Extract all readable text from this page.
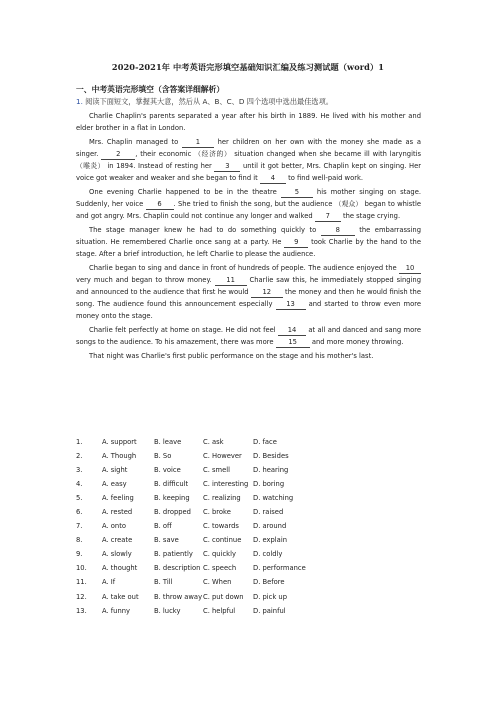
2020-2021年 中考英语完形填空基础知识汇编及练习测试题（word）1
一、中考英语完形填空（含答案详细解析）
1. 阅读下面短文，掌握其大意，然后从 A、B、C、D 四个选项中选出最佳选项。

Charlie Chaplin's parents separated a year after his birth in 1889. He lived with his mother and elder brother in a flat in London.

Mrs. Chaplin managed to 1 her children on her own with the money she made as a singer. 2 , their economic （经济的） situation changed when she became ill with laryngitis（喉炎） in 1894. Instead of resting her 3 until it got better, Mrs. Chaplin kept on singing. Her voice got weaker and weaker and she began to find it 4 to find well-paid work.

One evening Charlie happened to be in the theatre 5 his mother singing on stage. Suddenly, her voice 6 . She tried to finish the song, but the audience （观众） began to whistle and got angry. Mrs. Chaplin could not continue any longer and walked 7 the stage crying.

The stage manager knew he had to do something quickly to 8 the embarrassing situation. He remembered Charlie once sang at a party. He 9 took Charlie by the hand to the stage. After a brief introduction, he left Charlie to please the audience.

Charlie began to sing and dance in front of hundreds of people. The audience enjoyed the 10 very much and began to throw money. 11 Charlie saw this, he immediately stopped singing and announced to the audience that first he would 12 the money and then he would finish the song. The audience found this announcement especially 13 and started to throw even more money onto the stage.

Charlie felt perfectly at home on stage. He did not feel 14 at all and danced and sang more songs to the audience. To his amazement, there was more 15 and more money throwing.

That night was Charlie's first public performance on the stage and his mother's last.

1.	A. support	B. leave	C. ask	D. face
2.	A. Though	B. So	C. However	D. Besides
3.	A. sight	B. voice	C. smell	D. hearing
4.	A. easy	B. difficult	C. interesting D. boring
5.	A. feeling	B. keeping	C. realizing	D. watching
6.	A. rested	B. dropped	C. broke	D. raised
7.	A. onto	B. off	C. towards	D. around
8.	A. create	B. save	C. continue	D. explain
9.	A. slowly	B. patiently	C. quickly	D. coldly
10.	A. thought	B. description C. speech	D. performance
11.	A. If	B. Till	C. When	D. Before
12.	A. take out	B. throw away C. put down	D. pick up
13.	A. funny	B. lucky	C. helpful	D. painful
